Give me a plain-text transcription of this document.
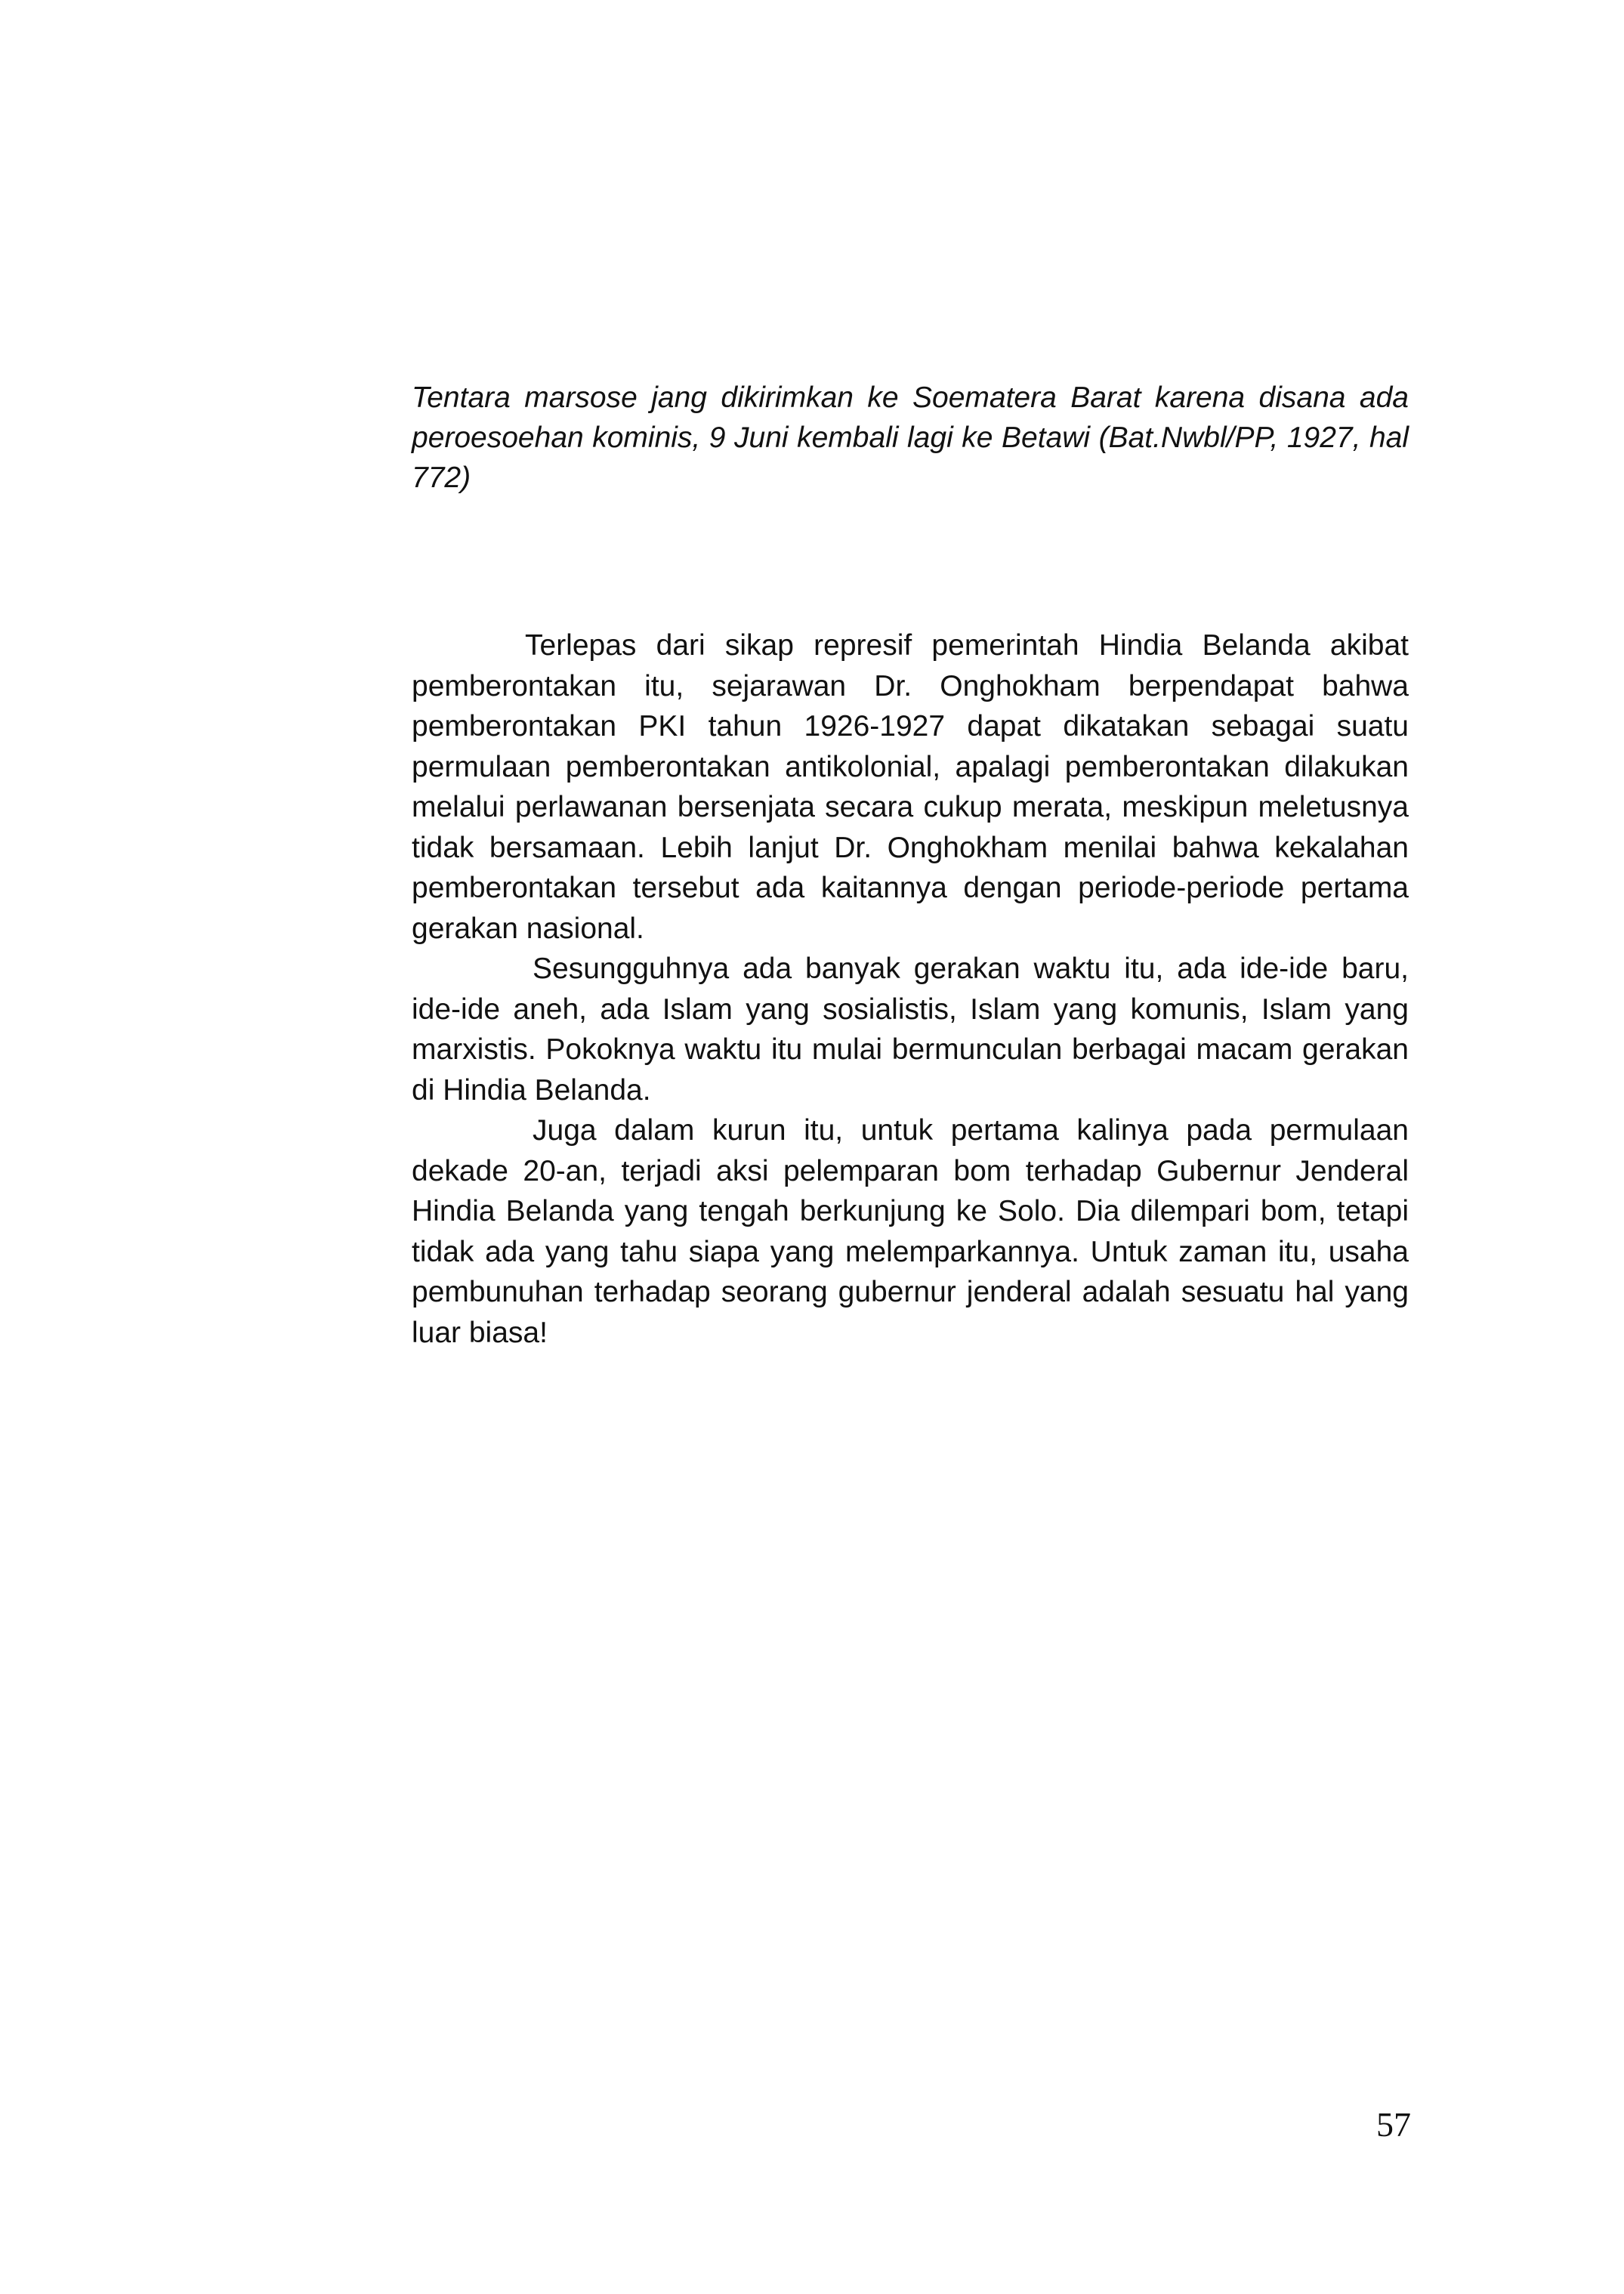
Tentara marsose jang dikirimkan ke Soematera Barat karena disana ada peroesoehan kominis, 9 Juni kembali lagi ke Betawi (Bat.Nwbl/PP, 1927, hal 772)

Terlepas dari sikap represif pemerintah Hindia Belanda akibat pemberontakan itu, sejarawan Dr. Onghokham berpendapat bahwa pemberontakan PKI tahun 1926-1927 dapat dikatakan sebagai suatu permulaan pemberontakan antikolonial, apalagi pemberontakan dilakukan melalui perlawanan bersenjata secara cukup merata, meskipun meletusnya tidak bersamaan. Lebih lanjut Dr. Onghokham menilai bahwa kekalahan pemberontakan tersebut ada kaitannya dengan periode-periode pertama gerakan nasional.

Sesungguhnya ada banyak gerakan waktu itu, ada ide-ide baru, ide-ide aneh, ada Islam yang sosialistis, Islam yang komunis, Islam yang marxistis. Pokoknya waktu itu mulai bermunculan berbagai macam gerakan di Hindia Belanda.

Juga dalam kurun itu, untuk pertama kalinya pada permulaan dekade 20-an, terjadi aksi pelemparan bom terhadap Gubernur Jenderal Hindia Belanda yang tengah berkunjung ke Solo. Dia dilempari bom, tetapi tidak ada yang tahu siapa yang melemparkannya. Untuk zaman itu, usaha pembunuhan terhadap seorang gubernur jenderal adalah sesuatu hal yang luar biasa!

57
